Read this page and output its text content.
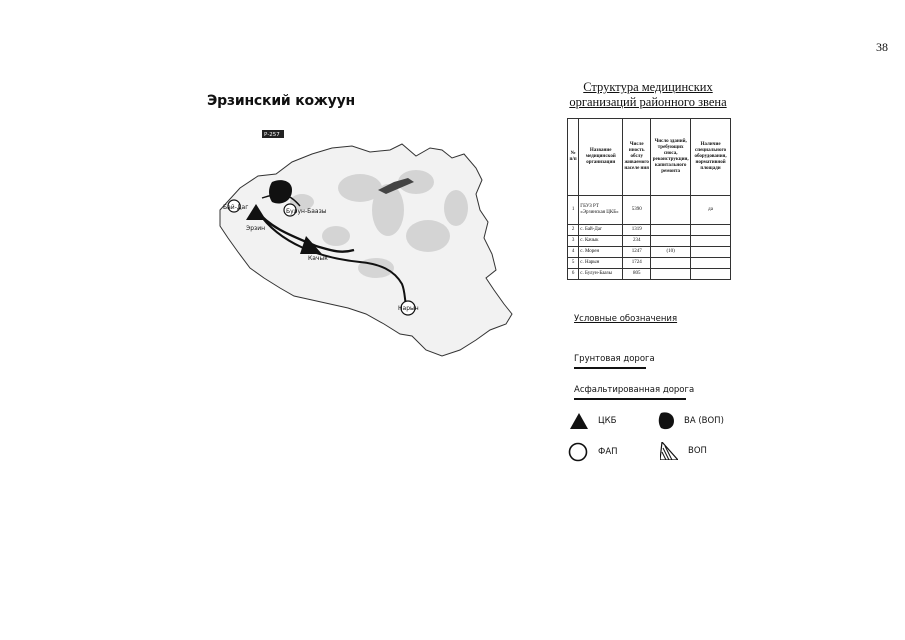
38
Эрзинский кожуун
Р-257
Бай-Даг
Эрзин
Булун-Баазы
Качык
Нарын
Структура медицинских
организаций районного звена
№ п/п	Название медицинской организации	Числе нность обслу живаемого населе ния	Число зданий, требующих сноса, реконструкции, капитального ремонта	Наличие специального оборудования, нормативной площади
1	ГБУЗ РТ «Эрзинская ЦКБ»	5390		да
2	с. Бай-Даг	1319		
3	с. Качык	234		
4	с. Морен	1247	(10)	
5	с. Нарын	1724		
6	с. Булун-Баазы	805		
Условные обозначения
Грунтовая дорога
Асфальтированная дорога
ЦКБ	ВА (ВОП)
ФАП	ВОП
